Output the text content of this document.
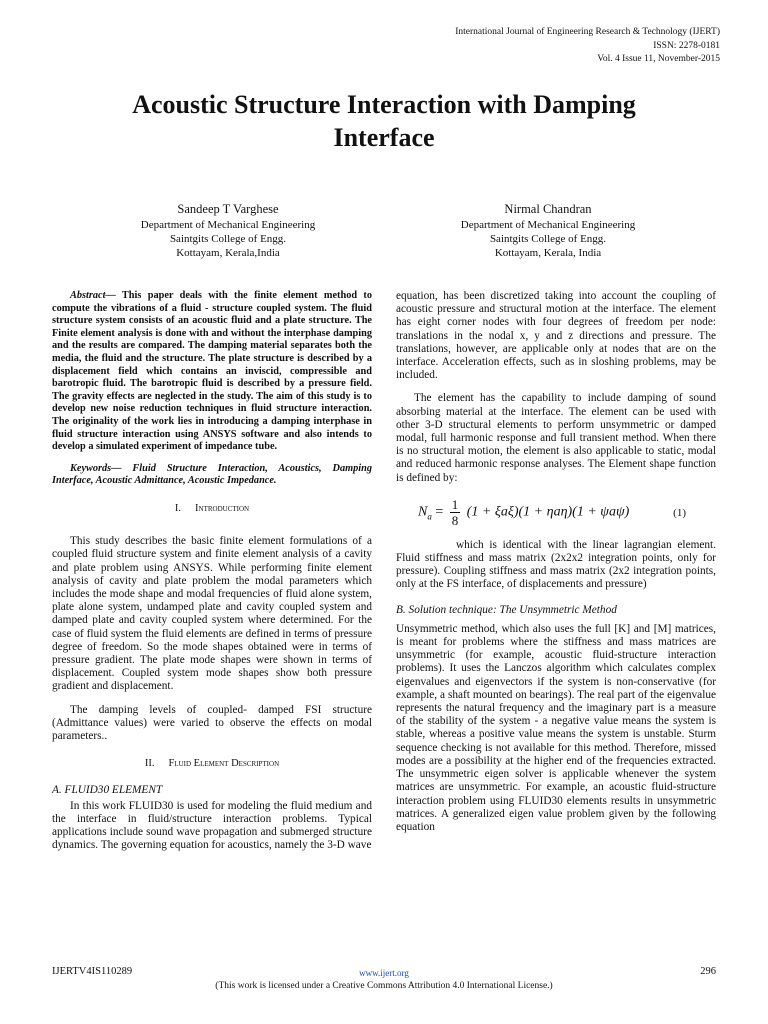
International Journal of Engineering Research & Technology (IJERT)
ISSN: 2278-0181
Vol. 4 Issue 11, November-2015
Acoustic Structure Interaction with Damping
Interface
Sandeep T Varghese
Department of Mechanical Engineering
Saintgits College of Engg.
Kottayam, Kerala,India
Nirmal Chandran
Department of Mechanical Engineering
Saintgits College of Engg.
Kottayam, Kerala, India

Abstract— This paper deals with the finite element method to compute the vibrations of a fluid - structure coupled system. The fluid structure system consists of an acoustic fluid and a plate structure. The Finite element analysis is done with and without the interphase damping and the results are compared. The damping material separates both the media, the fluid and the structure. The plate structure is described by a displacement field which contains an inviscid, compressible and barotropic fluid. The barotropic fluid is described by a pressure field. The gravity effects are neglected in the study. The aim of this study is to develop new noise reduction techniques in fluid structure interaction. The originality of the work lies in introducing a damping interphase in fluid structure interaction using ANSYS software and also intends to develop a simulated experiment of impedance tube.

Keywords— Fluid Structure Interaction, Acoustics, Damping Interface, Acoustic Admittance, Acoustic Impedance.

I. Introduction

This study describes the basic finite element formulations of a coupled fluid structure system and finite element analysis of a cavity and plate problem using ANSYS. While performing finite element analysis of cavity and plate problem the modal parameters which includes the mode shape and modal frequencies of fluid alone system, plate alone system, undamped plate and cavity coupled system and damped plate and cavity coupled system where determined. For the case of fluid system the fluid elements are defined in terms of pressure degree of freedom. So the mode shapes obtained were in terms of pressure gradient. The plate mode shapes were shown in terms of displacement. Coupled system mode shapes show both pressure gradient and displacement.

The damping levels of coupled- damped FSI structure (Admittance values) were varied to observe the effects on modal parameters..

II. Fluid Element Description
A. FLUID30 ELEMENT

In this work FLUID30 is used for modeling the fluid medium and the interface in fluid/structure interaction problems. Typical applications include sound wave propagation and submerged structure dynamics. The governing equation for acoustics, namely the 3-D wave

equation, has been discretized taking into account the coupling of acoustic pressure and structural motion at the interface. The element has eight corner nodes with four degrees of freedom per node: translations in the nodal x, y and z directions and pressure. The translations, however, are applicable only at nodes that are on the interface. Acceleration effects, such as in sloshing problems, may be included.

The element has the capability to include damping of sound absorbing material at the interface. The element can be used with other 3-D structural elements to perform unsymmetric or damped modal, full harmonic response and full transient method. When there is no structural motion, the element is also applicable to static, modal and reduced harmonic response analyses. The Element shape function is defined by:

$N_a = \frac{1}{8} (1 + \xi a\xi)(1 + \eta a\eta)(1 + \psi a\psi)$	(1)

which is identical with the linear lagrangian element. Fluid stiffness and mass matrix (2x2x2 integration points, only for pressure). Coupling stiffness and mass matrix (2x2 integration points, only at the FS interface, of displacements and pressure)

B. Solution technique: The Unsymmetric Method

Unsymmetric method, which also uses the full [K] and [M] matrices, is meant for problems where the stiffness and mass matrices are unsymmetric (for example, acoustic fluid-structure interaction problems). It uses the Lanczos algorithm which calculates complex eigenvalues and eigenvectors if the system is non-conservative (for example, a shaft mounted on bearings). The real part of the eigenvalue represents the natural frequency and the imaginary part is a measure of the stability of the system - a negative value means the system is stable, whereas a positive value means the system is unstable. Sturm sequence checking is not available for this method. Therefore, missed modes are a possibility at the higher end of the frequencies extracted. The unsymmetric eigen solver is applicable whenever the system matrices are unsymmetric. For example, an acoustic fluid-structure interaction problem using FLUID30 elements results in unsymmetric matrices. A generalized eigen value problem given by the following equation

IJERTV4IS110289	www.ijert.org	296
(This work is licensed under a Creative Commons Attribution 4.0 International License.)
